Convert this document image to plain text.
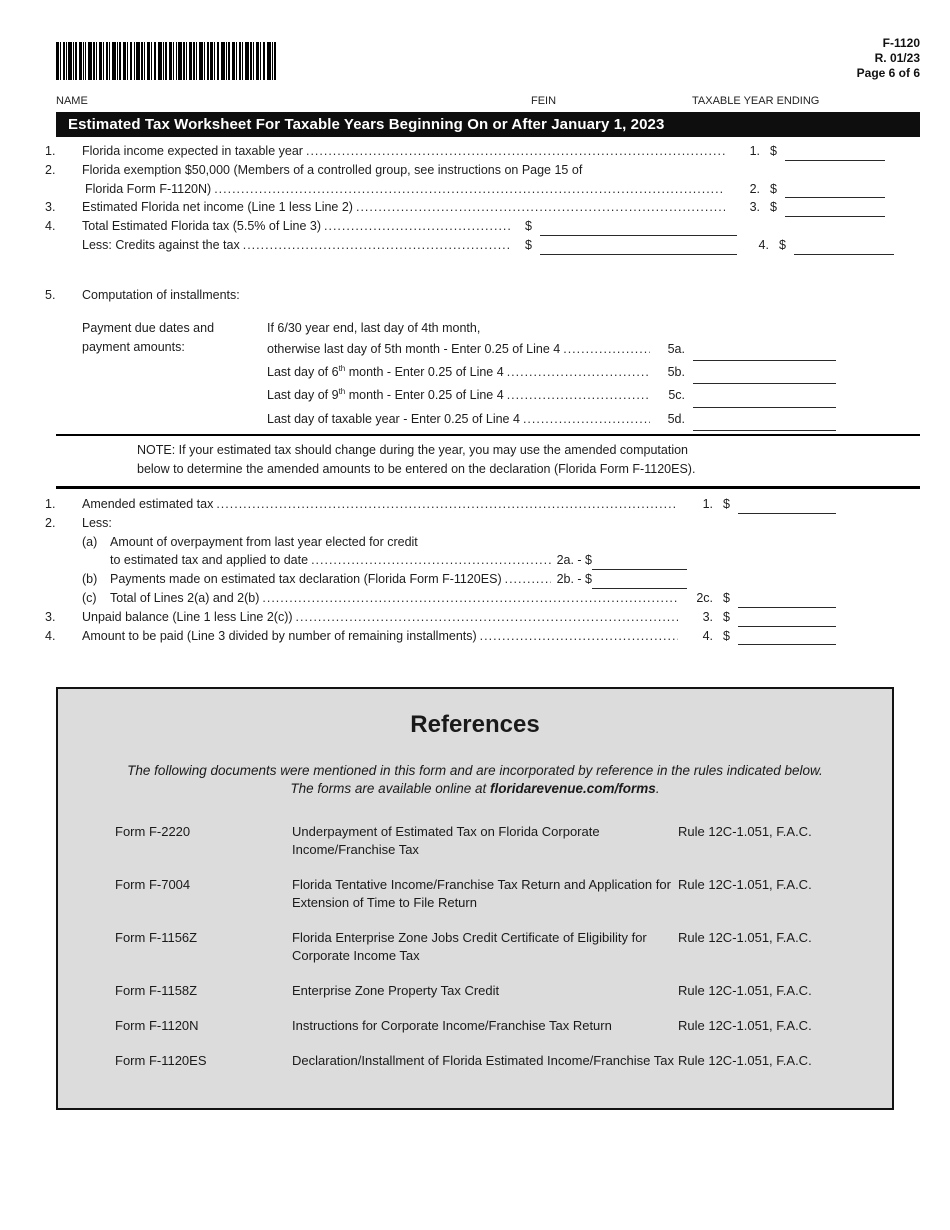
F-1120
R. 01/23
Page 6 of 6
NAME	FEIN	TAXABLE YEAR ENDING
Estimated Tax Worksheet For Taxable Years Beginning On or After January 1, 2023
1.	Florida income expected in taxable year .....	1. $
2.	Florida exemption $50,000 (Members of a controlled group, see instructions on Page 15 of
Florida Form F-1120N) .....	2. $
3.	Estimated Florida net income (Line 1 less Line 2) .....	3. $
4.	Total Estimated Florida tax (5.5% of Line 3) .....	$
Less: Credits against the tax .....	$	4. $
5.	Computation of installments:
Payment due dates and
payment amounts:
If 6/30 year end, last day of 4th month,
otherwise last day of 5th month - Enter 0.25 of Line 4 .....	5a.
Last day of 6th month - Enter 0.25 of Line 4 .....	5b.
Last day of 9th month - Enter 0.25 of Line 4 .....	5c.
Last day of taxable year - Enter 0.25 of Line 4 .....	5d.
NOTE: If your estimated tax should change during the year, you may use the amended computation
below to determine the amended amounts to be entered on the declaration (Florida Form F-1120ES).
1.	Amended estimated tax .....	1. $
2.	Less:
(a)	Amount of overpayment from last year elected for credit
to estimated tax and applied to date .....	2a. - $
(b)	Payments made on estimated tax declaration (Florida Form F-1120ES) .....	2b. - $
(c)	Total of Lines 2(a) and 2(b) .....	2c. $
3.	Unpaid balance (Line 1 less Line 2(c)) .....	3. $
4.	Amount to be paid (Line 3 divided by number of remaining installments) .....	4. $
References
The following documents were mentioned in this form and are incorporated by reference in the rules indicated below.
The forms are available online at floridarevenue.com/forms.
Form F-2220	Underpayment of Estimated Tax on Florida Corporate Income/Franchise Tax
Rule 12C-1.051, F.A.C.
Form F-7004	Florida Tentative Income/Franchise Tax Return and Application for Extension of Time to File Return
Rule 12C-1.051, F.A.C.
Form F-1156Z	Florida Enterprise Zone Jobs Credit Certificate of Eligibility for Corporate Income Tax
Rule 12C-1.051, F.A.C.
Form F-1158Z	Enterprise Zone Property Tax Credit	Rule 12C-1.051, F.A.C.
Form F-1120N	Instructions for Corporate Income/Franchise Tax Return	Rule 12C-1.051, F.A.C.
Form F-1120ES	Declaration/Installment of Florida Estimated Income/Franchise Tax Rule 12C-1.051, F.A.C.
